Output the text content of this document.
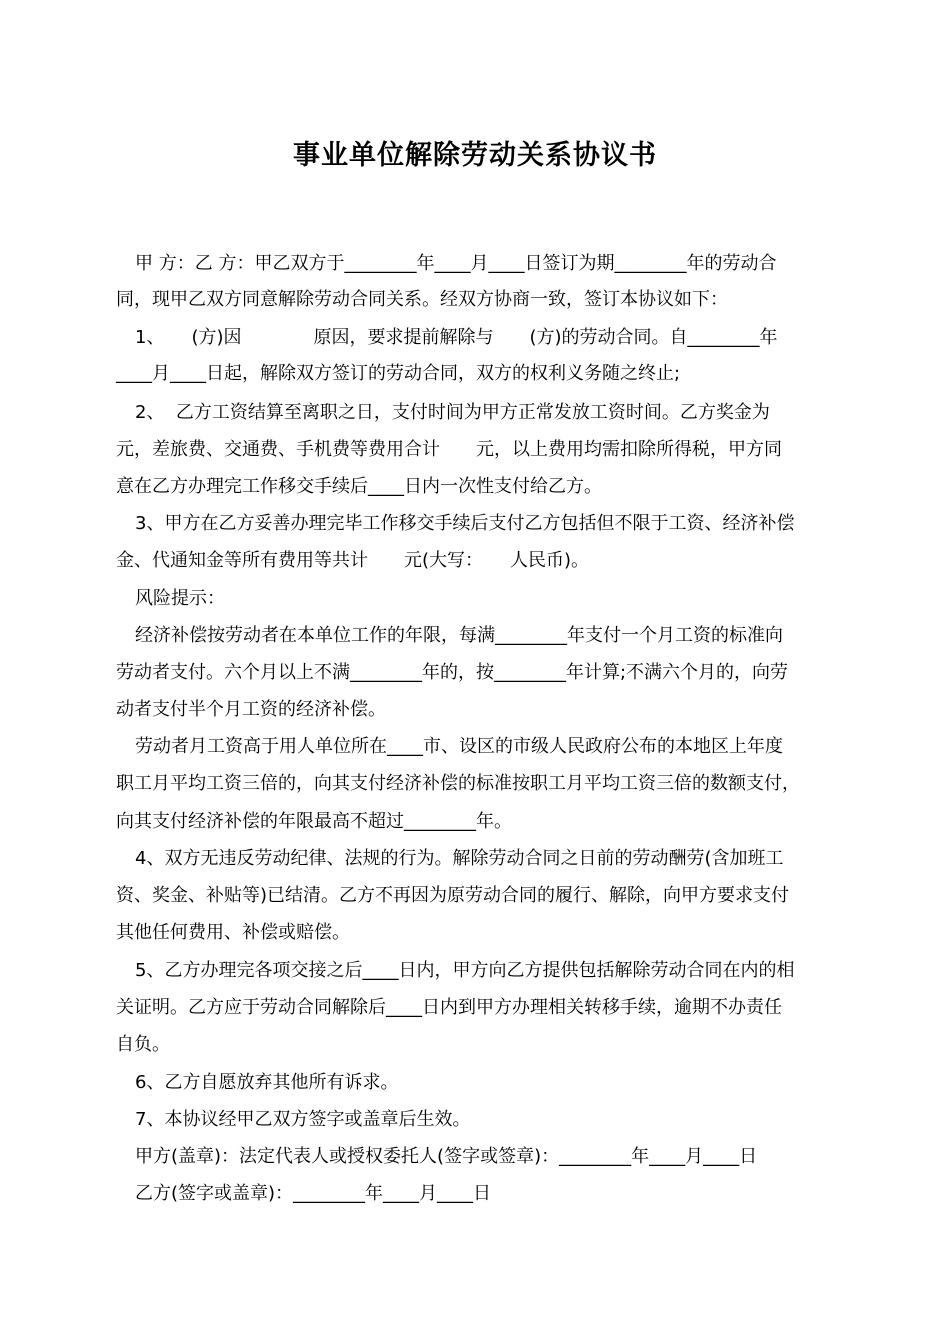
事业单位解除劳动关系协议书
甲 方：乙 方：甲乙双方于________年____月____日签订为期________年的劳动合
同，现甲乙双方同意解除劳动合同关系。经双方协商一致，签订本协议如下：
1、　　(方)因　　　　原因，要求提前解除与　　(方)的劳动合同。自________年
____月____日起，解除双方签订的劳动合同，双方的权利义务随之终止;
2、  乙方工资结算至离职之日，支付时间为甲方正常发放工资时间。乙方奖金为
元，差旅费、交通费、手机费等费用合计　　元，以上费用均需扣除所得税，甲方同
意在乙方办理完工作移交手续后____日内一次性支付给乙方。
3、甲方在乙方妥善办理完毕工作移交手续后支付乙方包括但不限于工资、经济补偿
金、代通知金等所有费用等共计　　元(大写：　　人民币)。
风险提示：
经济补偿按劳动者在本单位工作的年限，每满________年支付一个月工资的标准向
劳动者支付。六个月以上不满________年的，按________年计算;不满六个月的，向劳
动者支付半个月工资的经济补偿。
劳动者月工资高于用人单位所在____市、设区的市级人民政府公布的本地区上年度
职工月平均工资三倍的，向其支付经济补偿的标准按职工月平均工资三倍的数额支付，
向其支付经济补偿的年限最高不超过________年。
4、双方无违反劳动纪律、法规的行为。解除劳动合同之日前的劳动酬劳(含加班工
资、奖金、补贴等)已结清。乙方不再因为原劳动合同的履行、解除，向甲方要求支付
其他任何费用、补偿或赔偿。
5、乙方办理完各项交接之后____日内，甲方向乙方提供包括解除劳动合同在内的相
关证明。乙方应于劳动合同解除后____日内到甲方办理相关转移手续，逾期不办责任
自负。
6、乙方自愿放弃其他所有诉求。
7、本协议经甲乙双方签字或盖章后生效。
甲方(盖章)：法定代表人或授权委托人(签字或签章)：________年____月____日
乙方(签字或盖章)：________年____月____日
